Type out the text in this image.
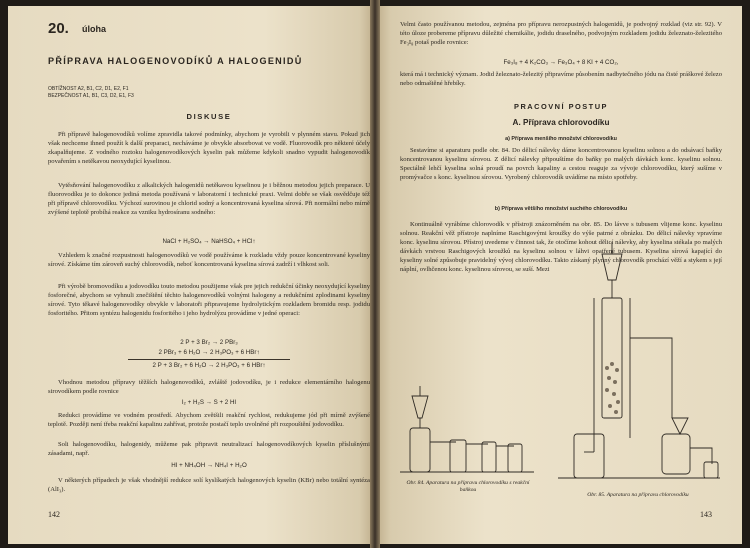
20. úloha
PŘÍPRAVA HALOGENOVODÍKŮ A HALOGENIDŮ
OBTÍŽNOST A2, B1, C2, D1, E2, F1
BEZPEČNOST A1, B1, C3, D2, E1, F3
DISKUSE
Při přípravě halogenovodíků volíme zpravidla takové podmínky, abychom je vyrobili v plynném stavu. Pokud jich však nechceme ihned použít k další preparaci, necháváme je obvykle absorbovat ve vodě. Fluorovodík pro některé účely zkapalňujeme. Z vodného roztoku halogenovodíkových kyselin pak můžeme kdykoli snadno vypudit halogenovodík povařením s netěkavou neoxydující kyselinou.
Vytěsňování halogenovodíku z alkalických halogenidů netěkavou kyselinou je i běžnou metodou jejich preparace. U fluorovodíku je to dokonce jediná metoda používaná v laboratorní i technické praxi. Velmi dobře se však osvědčuje též při přípravě chlorovodíku. Výchozí surovinou je chlorid sodný a koncentrovaná kyselina sírová. Při normální nebo mírně zvýšené teplotě probíhá reakce za vzniku hydrosíranu sodného:
NaCl + H₂SO₄ → NaHSO₄ + HCl↑
Vzhledem k značné rozpustnosti halogenovodíků ve vodě používáme k rozkladu vždy pouze koncentrované kyseliny sírové. Získáme tím zároveň suchý chlorovodík, neboť koncentrovaná kyselina sírová zadrží i vlhkost soli.
Při výrobě bromovodíku a jodovodíku touto metodou použijeme však pre jejich redukční účinky neoxydující kyseliny fosforečné, abychom se vyhnuli znečištění těchto halogenovodíků volnými halogeny a redukčními zplodinami kyseliny sírové. Tyto těkavé halogenovodíky obvykle v laboratoři připravujeme hydrolytickým rozkladem bromidu resp. jodidu fosforitého. Přitom syntézu halogenidu fosforitého i jeho hydrolýzu provádíme v jedné operaci:
2 P + 3 Br₂ → 2 PBr₃
2 PBr₃ + 6 H₂O → 2 H₃PO₃ + 6 HBr↑
2 P + 3 Br₂ + 6 H₂O → 2 H₃PO₃ + 6 HBr↑
Vhodnou metodou přípravy těžších halogenovodíků, zvláště jodovodíku, je i redukce elementárního halogenu sirovodíkem podle rovnice
I₂ + H₂S → S + 2 HI
Redukci provádíme ve vodném prostředí. Abychom zvětšili reakční rychlost, redukujeme jód při mírně zvýšené teplotě. Později není třeba reakční kapalinu zahřívat, protože postačí teplo uvolněné při rozpouštění jodovodíku.
Soli halogenovodíku, halogenidy, můžeme pak připravit neutralizací halogenovodíkových kyselin příslušnými zásadami, např.
HI + NH₄OH → NH₄I + H₂O
V některých případech je však vhodnější redukce solí kyslíkatých halogenových kyselin (KBr) nebo totální syntéza (AlI₃).
142
Velmi často používanou metodou, zejména pro přípravu nerozpustných halogenidů, je podvojný rozklad (viz str. 92). V této úloze probereme přípravu důležité chemikálie, jodidu draselného, podvojným rozkladem jodidu železnato-železitého Fe₃I₈ potaš podle rovnice:
Fe₃I₈ + 4 K₂CO₃ → Fe₃O₄ + 8 KI + 4 CO₂,
která má i technický význam. Jodid železnato-železitý připravíme působením nadbytečného jódu na čisté práškové železo nebo odmaštěné hřebíky.
PRACOVNÍ POSTUP
A. Příprava chlorovodíku
a) Příprava menšího množství chlorovodíku
Sestavíme si aparaturu podle obr. 84. Do dělicí nálevky dáme koncentrovanou kyselinu solnou a do odsávací baňky koncentrovanou kyselinu sírovou. Z dělicí nálevky připouštíme do baňky po malých dávkách konc. kyselinu solnou. Speciálně lehčí kyselina solná proudí na povrch kapaliny a cestou reaguje za vývoje chlorovodíku, který sušíme v promývačce s konc. kyselinou sírovou. Vyrobený chlorovodík uvádíme na místo spotřeby.
b) Příprava většího množství suchého chlorovodíku
Kontinuálně vyrábíme chlorovodík v přístroji znázorněném na obr. 85. Do lávve s tubusem vlijeme konc. kyselinu solnou. Reakční věž přístroje naplníme Raschigovými kroužky do výše patrné z obrázku. Do dělicí nálevky vpravíme konc. kyselinu sírovou. Přístroj uvedeme v činnost tak, že otočíme kohout dělicí nálevky, aby kyselina stékala po malých dávkách vrstvou Raschigových kroužků na kyselinu solnou v láhvi opatřené tubusem. Kyselina sírová kapající do kyseliny solné způsobuje pravidelný vývoj chlorovodíku. Takto získaný plynný chlorovodík prochází věží a stykem s její náplní, ovlhčenou konc. kyselinou sírovou, se suší. Mezi
Obr. 84. Aparatura na přípravu chlorovodíku s reakční baňkou
Obr. 85. Aparatura na přípravu chlorovodíku
143
